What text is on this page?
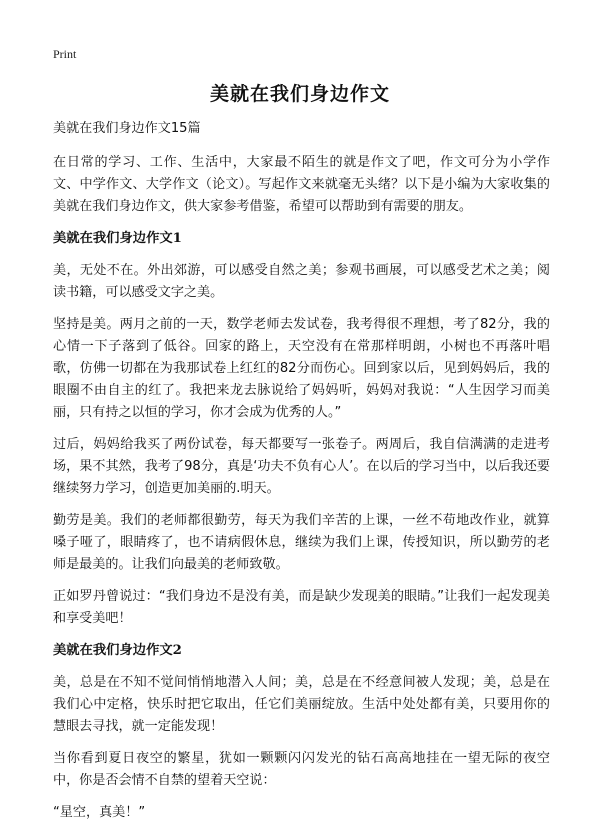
Print
美就在我们身边作文

美就在我们身边作文15篇

在日常的学习、工作、生活中，大家最不陌生的就是作文了吧，作文可分为小学作文、中学作文、大学作文（论文）。写起作文来就毫无头绪？以下是小编为大家收集的美就在我们身边作文，供大家参考借鉴，希望可以帮助到有需要的朋友。

美就在我们身边作文1

美，无处不在。外出郊游，可以感受自然之美；参观书画展，可以感受艺术之美；阅读书籍，可以感受文字之美。

坚持是美。两月之前的一天，数学老师去发试卷，我考得很不理想，考了82分，我的心情一下子落到了低谷。回家的路上，天空没有在常那样明朗，小树也不再落叶唱歌，仿佛一切都在为我那试卷上红红的82分而伤心。回到家以后，见到妈妈后，我的眼圈不由自主的红了。我把来龙去脉说给了妈妈听，妈妈对我说：“人生因学习而美丽，只有持之以恒的学习，你才会成为优秀的人。”

过后，妈妈给我买了两份试卷，每天都要写一张卷子。两周后，我自信满满的走进考场，果不其然，我考了98分，真是‘功夫不负有心人’。在以后的学习当中，以后我还要继续努力学习，创造更加美丽的.明天。

勤劳是美。我们的老师都很勤劳，每天为我们辛苦的上课，一丝不苟地改作业，就算嗓子哑了，眼睛疼了，也不请病假休息，继续为我们上课，传授知识，所以勤劳的老师是最美的。让我们向最美的老师致敬。

正如罗丹曾说过：“我们身边不是没有美，而是缺少发现美的眼睛。”让我们一起发现美和享受美吧！

美就在我们身边作文2

美，总是在不知不觉间悄悄地潜入人间；美，总是在不经意间被人发现；美，总是在我们心中定格，快乐时把它取出，任它们美丽绽放。生活中处处都有美，只要用你的慧眼去寻找，就一定能发现！

当你看到夏日夜空的繁星，犹如一颗颗闪闪发光的钻石高高地挂在一望无际的夜空中，你是否会情不自禁的望着天空说：

“星空，真美！”
